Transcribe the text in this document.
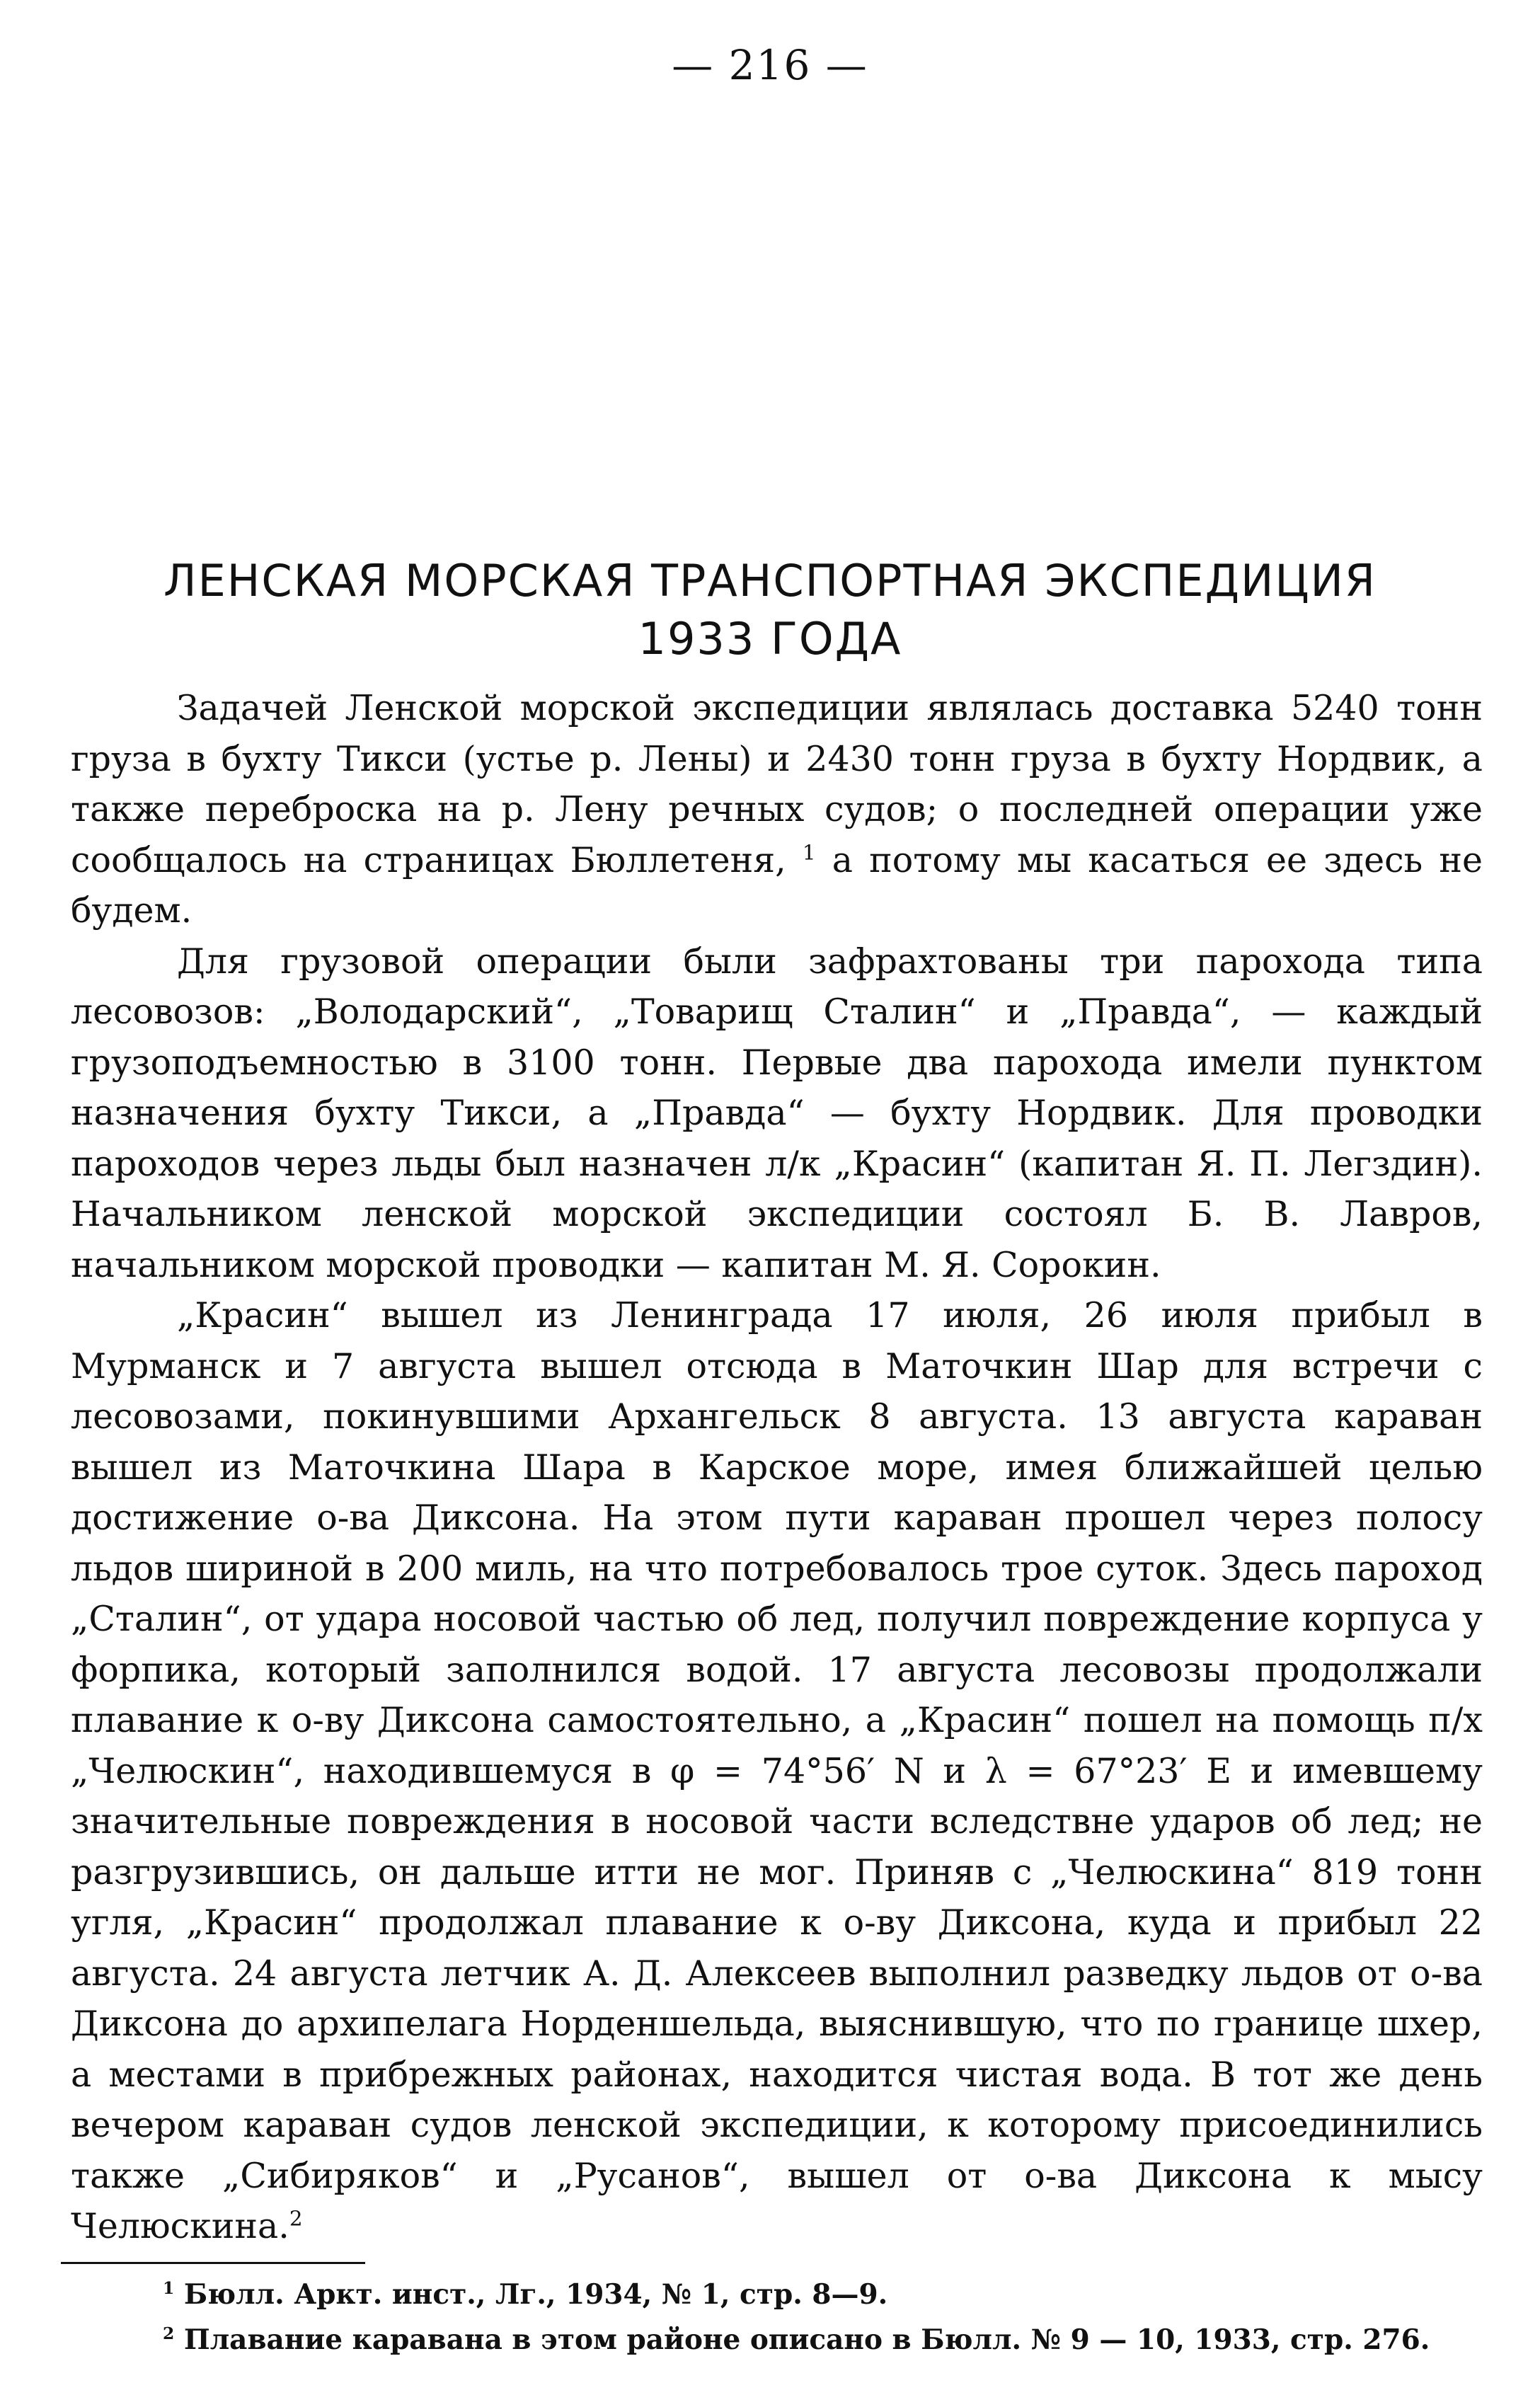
— 216 —
ЛЕНСКАЯ МОРСКАЯ ТРАНСПОРТНАЯ ЭКСПЕДИЦИЯ
1933 ГОДА

Задачей Ленской морской экспедиции являлась доставка 5240 тонн груза в бухту Тикси (устье р. Лены) и 2430 тонн груза в бухту Нордвик, а также переброска на р. Лену речных судов; о последней операции уже сообщалось на страницах Бюллетеня, $^1$ а потому мы касаться ее здесь не будем.

Для грузовой операции были зафрахтованы три парохода типа лесовозов: „Володарский“, „Товарищ Сталин“ и „Правда“, — каждый грузоподъемностью в 3100 тонн. Первые два парохода имели пунктом назначения бухту Тикси, а „Правда“ — бухту Нордвик. Для проводки пароходов через льды был назначен л/к „Красин“ (капитан Я. П. Легздин). Начальником ленской морской экспедиции состоял Б. В. Лавров, начальником морской проводки — капитан М. Я. Сорокин.

„Красин“ вышел из Ленинграда 17 июля, 26 июля прибыл в Мурманск и 7 августа вышел отсюда в Маточкин Шар для встречи с лесовозами, покинувшими Архангельск 8 августа. 13 августа караван вышел из Маточкина Шара в Карское море, имея ближайшей целью достижение о-ва Диксона. На этом пути караван прошел через полосу льдов шириной в 200 миль, на что потребовалось трое суток. Здесь пароход „Сталин“, от удара носовой частью об лед, получил повреждение корпуса у форпика, который заполнился водой. 17 августа лесовозы продолжали плавание к о-ву Диксона самостоятельно, а „Красин“ пошел на помощь п/х „Челюскин“, находившемуся в φ = 74°56′ N и λ = 67°23′ E и имевшему значительные повреждения в носовой части вследствне ударов об лед; не разгрузившись, он дальше итти не мог. Приняв с „Челюскина“ 819 тонн угля, „Красин“ продолжал плавание к о-ву Диксона, куда и прибыл 22 августа. 24 августа летчик А. Д. Алексеев выполнил разведку льдов от о-ва Диксона до архипелага Норденшельда, выяснившую, что по границе шхер, а местами в прибрежных районах, находится чистая вода. В тот же день вечером караван судов ленской экспедиции, к которому присоединились также „Сибиряков“ и „Русанов“, вышел от о-ва Диксона к мысу Челюскина.$^2$

$^1$ Бюлл. Аркт. инст., Лг., 1934, № 1, стр. 8—9.
$^2$ Плавание каравана в этом районе описано в Бюлл. № 9 — 10, 1933, стр. 276.
